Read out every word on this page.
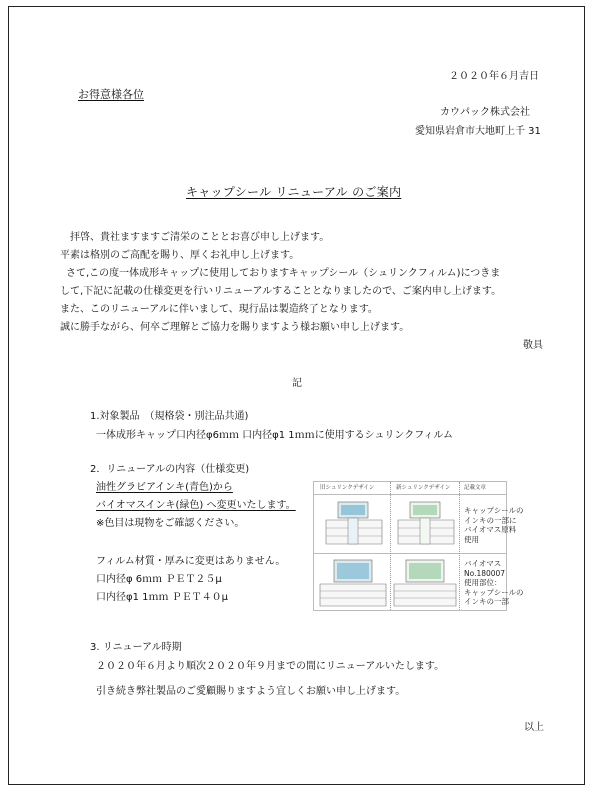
２０２０年６月吉日
お得意様各位
カウパック株式会社
愛知県岩倉市大地町上千 31
キャップシール リニューアル のご案内
拝啓、貴社ますますご清栄のこととお喜び申し上げます。
平素は格別のご高配を賜り、厚くお礼申し上げます。
さて,この度一体成形キャップに使用しておりますキャップシール（シュリンクフィルム)につきま
して,下記に記載の仕様変更を行いリニューアルすることとなりましたので、ご案内申し上げます。
また、このリニューアルに伴いまして、現行品は製造終了となります。
誠に勝手ながら、何卒ご理解とご協力を賜りますよう様お願い申し上げます。
敬具
記
1.対象製品　（規格袋・別注品共通)
一体成形キャップ口内径φ6ｍｍ 口内径φ1 1ｍｍに使用するシュリンクフィルム
2．リニューアルの内容（仕様変更)
油性グラビアインキ(青色)から
バイオマスインキ(緑色) へ変更いたします。
※色目は現物をご確認ください。
フィルム材質・厚みに変更はありません。
口内径φ 6ｍｍ ＰＥＴ２５μ
口内径φ1 1ｍｍ ＰＥＴ４０μ
旧シュリンクデザイン	新シュリンクデザイン 記載文章
キャップシールの
インキの一部に
バイオマス原料
使用
バイオマス
No.180007
使用部位：
キャップシールの
インキの一部
3. リニューアル時期
２０２０年６月より順次２０２０年９月までの間にリニューアルいたします。
引き続き弊社製品のご愛顧賜りますよう宜しくお願い申し上げます。
以上
